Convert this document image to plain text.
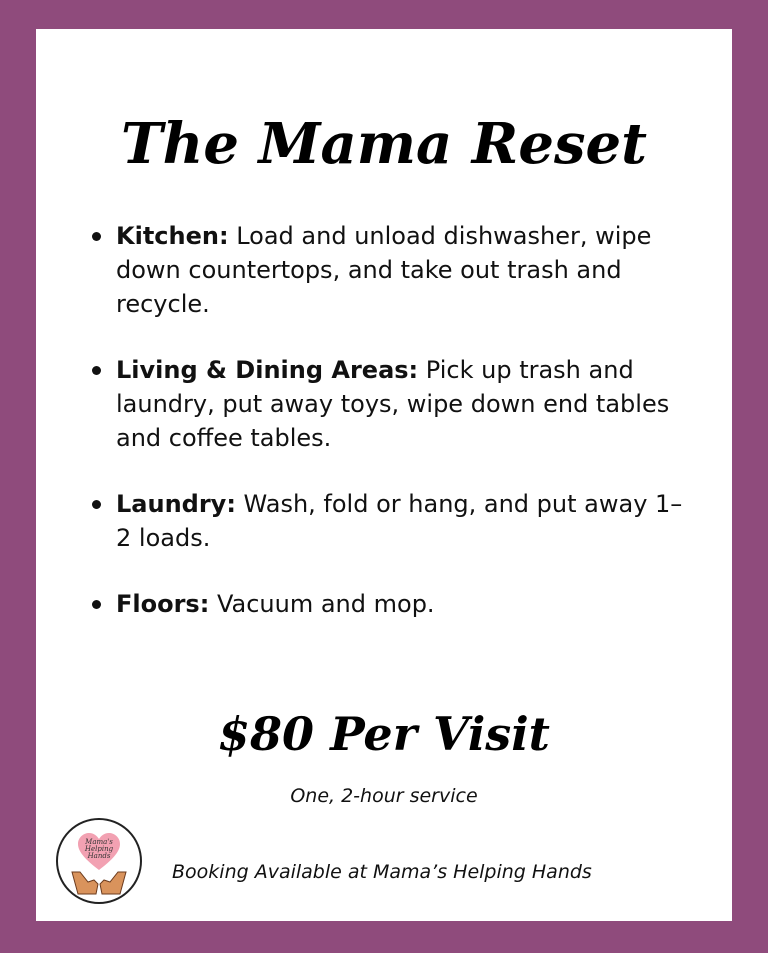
The Mama Reset
Kitchen: Load and unload dishwasher, wipe down countertops, and take out trash and recycle.
Living & Dining Areas: Pick up trash and laundry, put away toys, wipe down end tables and coffee tables.
Laundry: Wash, fold or hang, and put away 1–2 loads.
Floors: Vacuum and mop.
$80 Per Visit
One, 2-hour service
Mama's
Helping
Hands
Booking Available at Mama’s Helping Hands
